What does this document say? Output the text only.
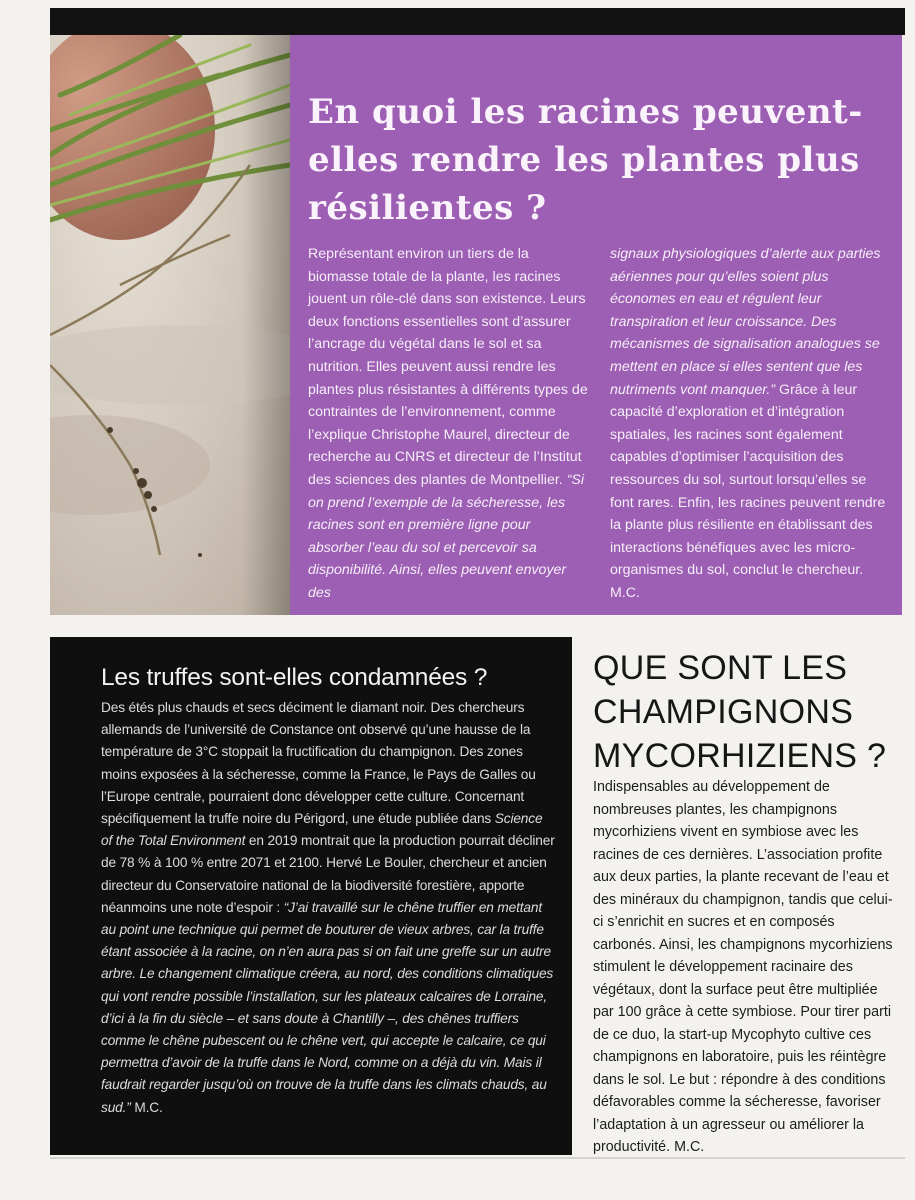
En quoi les racines peuvent-elles rendre les plantes plus résilientes ?

Représentant environ un tiers de la biomasse totale de la plante, les racines jouent un rôle-clé dans son existence. Leurs deux fonctions essentielles sont d’assurer l’ancrage du végétal dans le sol et sa nutrition. Elles peuvent aussi rendre les plantes plus résistantes à différents types de contraintes de l’environnement, comme l’explique Christophe Maurel, directeur de recherche au CNRS et directeur de l’Institut des sciences des plantes de Montpellier. “Si on prend l’exemple de la sécheresse, les racines sont en première ligne pour absorber l’eau du sol et percevoir sa disponibilité. Ainsi, elles peuvent envoyer des

signaux physiologiques d’alerte aux parties aériennes pour qu’elles soient plus économes en eau et régulent leur transpiration et leur croissance. Des mécanismes de signalisation analogues se mettent en place si elles sentent que les nutriments vont manquer.” Grâce à leur capacité d’exploration et d’intégration spatiales, les racines sont également capables d’optimiser l’acquisition des ressources du sol, surtout lorsqu’elles se font rares. Enfin, les racines peuvent rendre la plante plus résiliente en établissant des interactions bénéfiques avec les micro-organismes du sol, conclut le chercheur. M.C.

Les truffes sont-elles condamnées ?

Des étés plus chauds et secs déciment le diamant noir. Des chercheurs allemands de l’université de Constance ont observé qu’une hausse de la température de 3°C stoppait la fructification du champignon. Des zones moins exposées à la sécheresse, comme la France, le Pays de Galles ou l’Europe centrale, pourraient donc développer cette culture. Concernant spécifiquement la truffe noire du Périgord, une étude publiée dans Science of the Total Environment en 2019 montrait que la production pourrait décliner de 78 % à 100 % entre 2071 et 2100. Hervé Le Bouler, chercheur et ancien directeur du Conservatoire national de la biodiversité forestière, apporte néanmoins une note d’espoir : “J’ai travaillé sur le chêne truffier en mettant au point une technique qui permet de bouturer de vieux arbres, car la truffe étant associée à la racine, on n’en aura pas si on fait une greffe sur un autre arbre. Le changement climatique créera, au nord, des conditions climatiques qui vont rendre possible l’installation, sur les plateaux calcaires de Lorraine, d’ici à la fin du siècle – et sans doute à Chantilly –, des chênes truffiers comme le chêne pubescent ou le chêne vert, qui accepte le calcaire, ce qui permettra d’avoir de la truffe dans le Nord, comme on a déjà du vin. Mais il faudrait regarder jusqu’où on trouve de la truffe dans les climats chauds, au sud.” M.C.

QUE SONT LES CHAMPIGNONS MYCORHIZIENS ?

Indispensables au développement de nombreuses plantes, les champignons mycorhiziens vivent en symbiose avec les racines de ces dernières. L’association profite aux deux parties, la plante recevant de l’eau et des minéraux du champignon, tandis que celui-ci s’enrichit en sucres et en composés carbonés. Ainsi, les champignons mycorhiziens stimulent le développement racinaire des végétaux, dont la surface peut être multipliée par 100 grâce à cette symbiose. Pour tirer parti de ce duo, la start-up Mycophyto cultive ces champignons en laboratoire, puis les réintègre dans le sol. Le but : répondre à des conditions défavorables comme la sécheresse, favoriser l’adaptation à un agresseur ou améliorer la productivité. M.C.
